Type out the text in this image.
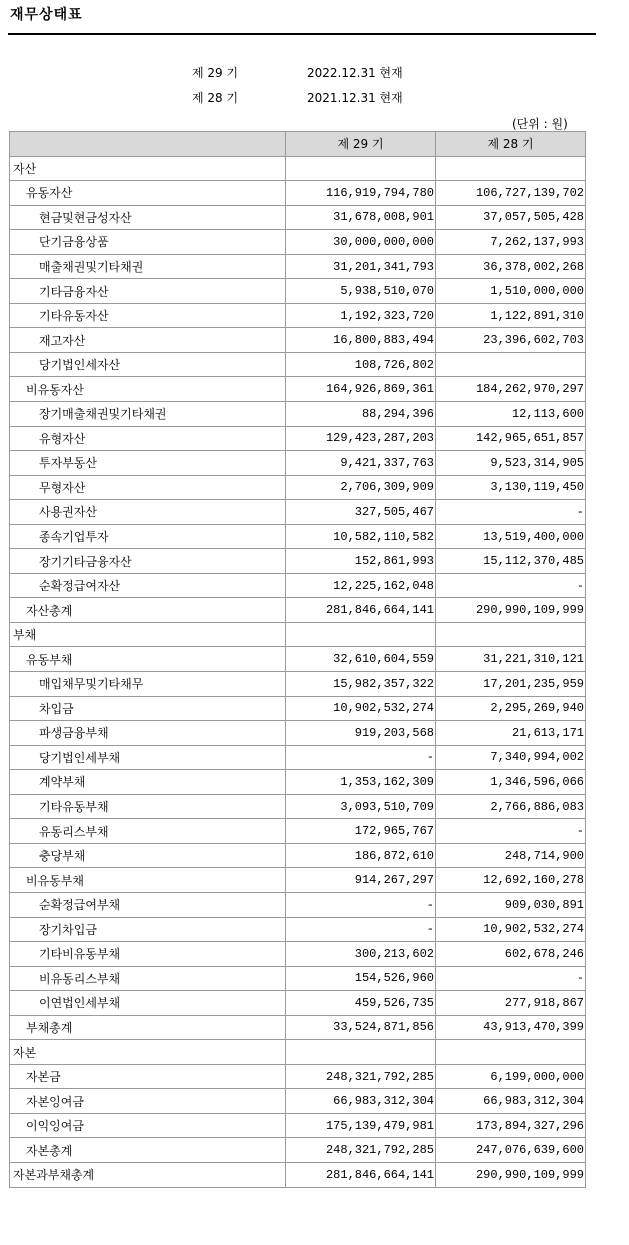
재무상태표
제 29 기	2022.12.31 현재
제 28 기	2021.12.31 현재
(단위 : 원)
	제 29 기	제 28 기
자산		
유동자산	116,919,794,780	106,727,139,702
현금및현금성자산	31,678,008,901	37,057,505,428
단기금융상품	30,000,000,000	7,262,137,993
매출채권및기타채권	31,201,341,793	36,378,002,268
기타금융자산	5,938,510,070	1,510,000,000
기타유동자산	1,192,323,720	1,122,891,310
재고자산	16,800,883,494	23,396,602,703
당기법인세자산	108,726,802	
비유동자산	164,926,869,361	184,262,970,297
장기매출채권및기타채권	88,294,396	12,113,600
유형자산	129,423,287,203	142,965,651,857
투자부동산	9,421,337,763	9,523,314,905
무형자산	2,706,309,909	3,130,119,450
사용권자산	327,505,467	-
종속기업투자	10,582,110,582	13,519,400,000
장기기타금융자산	152,861,993	15,112,370,485
순확정급여자산	12,225,162,048	-
자산총계	281,846,664,141	290,990,109,999
부채		
유동부채	32,610,604,559	31,221,310,121
매입채무및기타채무	15,982,357,322	17,201,235,959
차입금	10,902,532,274	2,295,269,940
파생금융부채	919,203,568	21,613,171
당기법인세부채	-	7,340,994,002
계약부채	1,353,162,309	1,346,596,066
기타유동부채	3,093,510,709	2,766,886,083
유동리스부채	172,965,767	-
충당부채	186,872,610	248,714,900
비유동부채	914,267,297	12,692,160,278
순확정급여부채	-	909,030,891
장기차입금	-	10,902,532,274
기타비유동부채	300,213,602	602,678,246
비유동리스부채	154,526,960	-
이연법인세부채	459,526,735	277,918,867
부채총계	33,524,871,856	43,913,470,399
자본		
자본금	248,321,792,285	6,199,000,000
자본잉여금	66,983,312,304	66,983,312,304
이익잉여금	175,139,479,981	173,894,327,296
자본총계	248,321,792,285	247,076,639,600
자본과부채총계	281,846,664,141	290,990,109,999
